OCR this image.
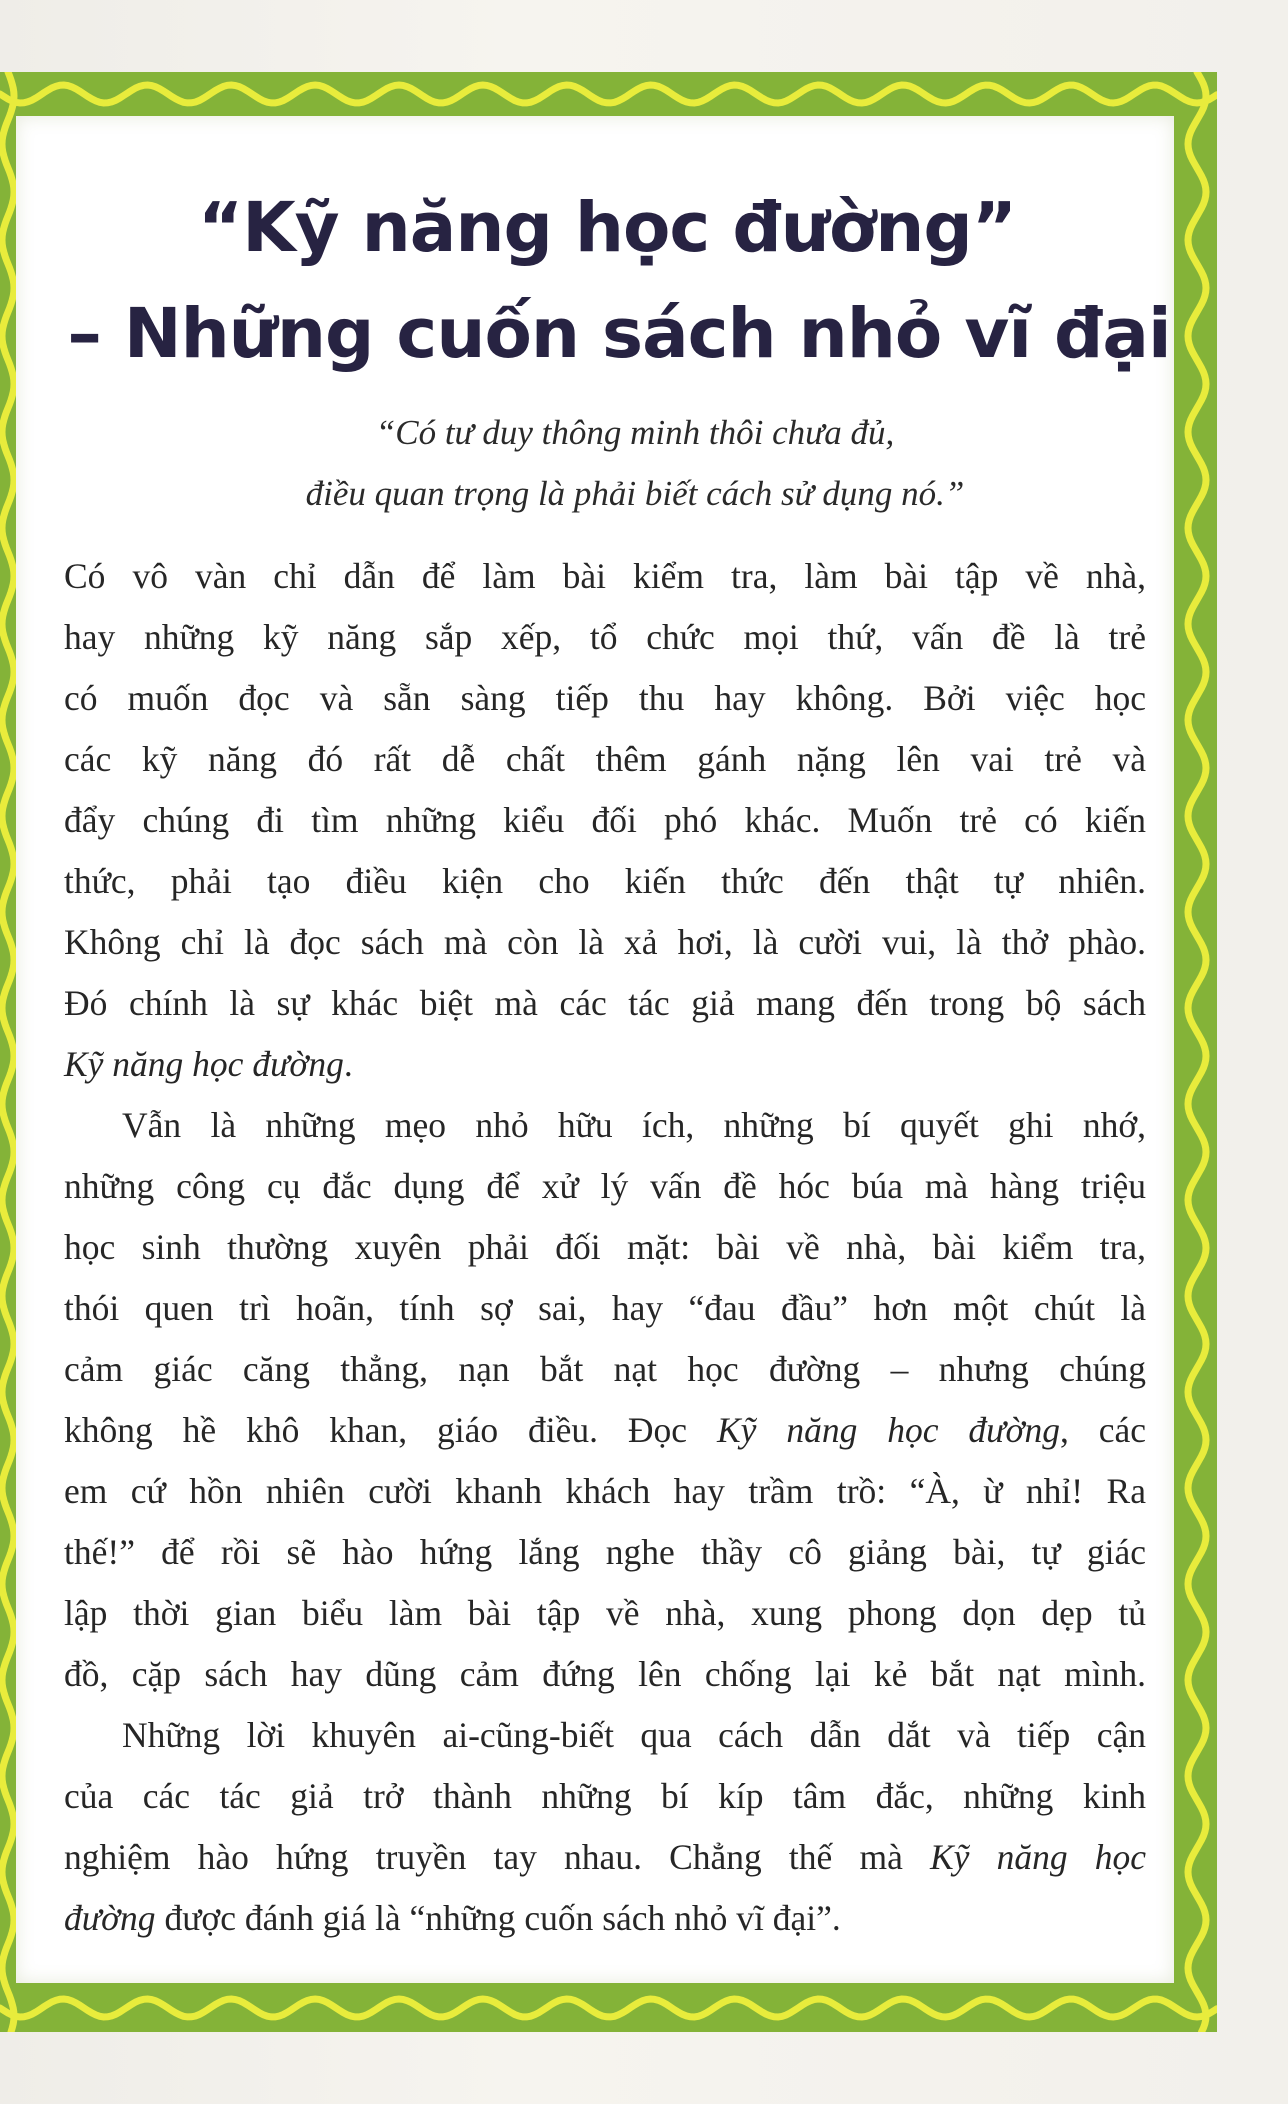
“Kỹ năng học đường”
– Những cuốn sách nhỏ vĩ đại

“Có tư duy thông minh thôi chưa đủ,

điều quan trọng là phải biết cách sử dụng nó.”

Có vô vàn chỉ dẫn để làm bài kiểm tra, làm bài tập về nhà,
hay những kỹ năng sắp xếp, tổ chức mọi thứ, vấn đề là trẻ
có muốn đọc và sẵn sàng tiếp thu hay không. Bởi việc học
các kỹ năng đó rất dễ chất thêm gánh nặng lên vai trẻ và
đẩy chúng đi tìm những kiểu đối phó khác. Muốn trẻ có kiến
thức, phải tạo điều kiện cho kiến thức đến thật tự nhiên.
Không chỉ là đọc sách mà còn là xả hơi, là cười vui, là thở phào.
Đó chính là sự khác biệt mà các tác giả mang đến trong bộ sách
Kỹ năng học đường.
Vẫn là những mẹo nhỏ hữu ích, những bí quyết ghi nhớ,
những công cụ đắc dụng để xử lý vấn đề hóc búa mà hàng triệu
học sinh thường xuyên phải đối mặt: bài về nhà, bài kiểm tra,
thói quen trì hoãn, tính sợ sai, hay “đau đầu” hơn một chút là
cảm giác căng thẳng, nạn bắt nạt học đường – nhưng chúng
không hề khô khan, giáo điều. Đọc Kỹ năng học đường, các
em cứ hồn nhiên cười khanh khách hay trầm trồ: “À, ừ nhỉ! Ra
thế!” để rồi sẽ hào hứng lắng nghe thầy cô giảng bài, tự giác
lập thời gian biểu làm bài tập về nhà, xung phong dọn dẹp tủ
đồ, cặp sách hay dũng cảm đứng lên chống lại kẻ bắt nạt mình.
Những lời khuyên ai-cũng-biết qua cách dẫn dắt và tiếp cận
của các tác giả trở thành những bí kíp tâm đắc, những kinh
nghiệm hào hứng truyền tay nhau. Chẳng thế mà Kỹ năng học
đường được đánh giá là “những cuốn sách nhỏ vĩ đại”.
